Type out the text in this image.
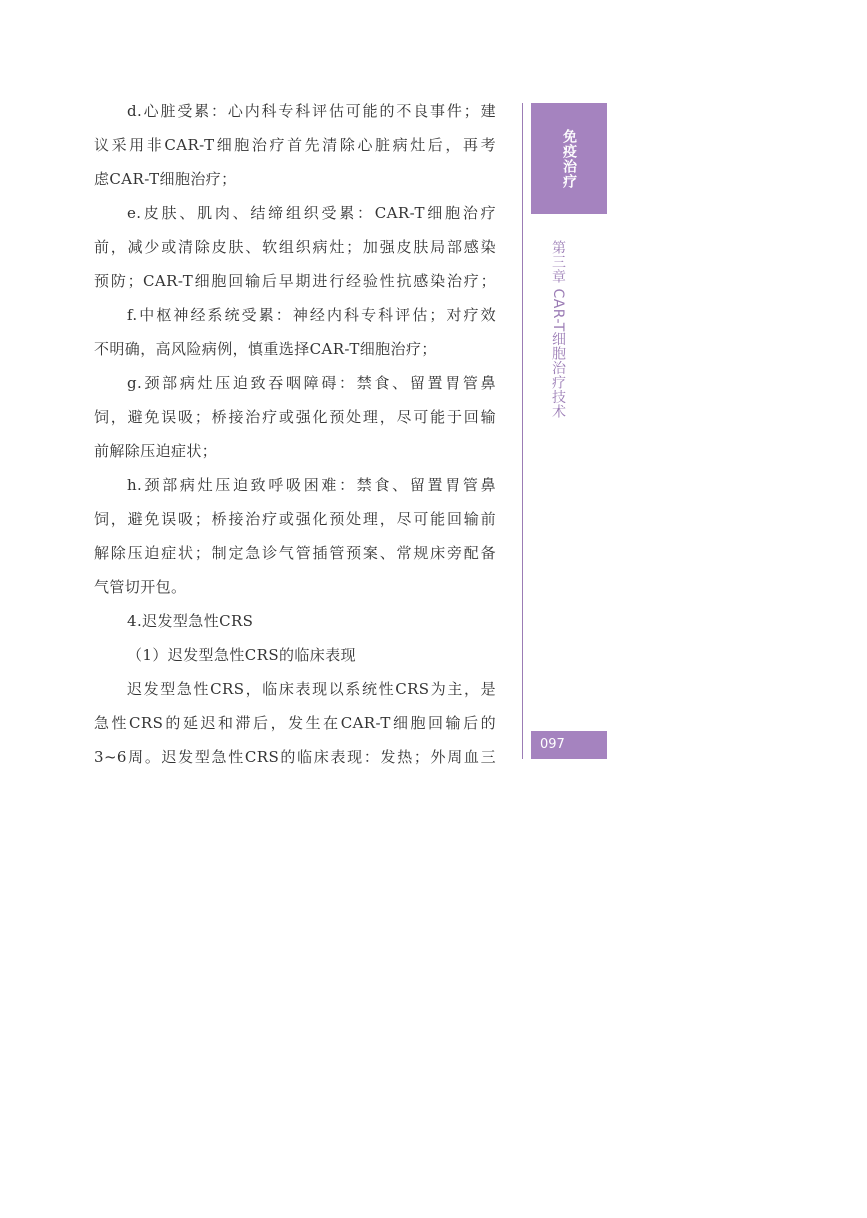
d.心脏受累：心内科专科评估可能的不良事件；建
议采用非CAR-T细胞治疗首先清除心脏病灶后，再考
虑CAR-T细胞治疗；
e.皮肤、肌肉、结缔组织受累：CAR-T细胞治疗
前，减少或清除皮肤、软组织病灶；加强皮肤局部感染
预防；CAR-T细胞回输后早期进行经验性抗感染治疗；
f.中枢神经系统受累：神经内科专科评估；对疗效
不明确，高风险病例，慎重选择CAR-T细胞治疗；
g.颈部病灶压迫致吞咽障碍：禁食、留置胃管鼻
饲，避免误吸；桥接治疗或强化预处理，尽可能于回输
前解除压迫症状；
h.颈部病灶压迫致呼吸困难：禁食、留置胃管鼻
饲，避免误吸；桥接治疗或强化预处理，尽可能回输前
解除压迫症状；制定急诊气管插管预案、常规床旁配备
气管切开包。
4.迟发型急性CRS
（1）迟发型急性CRS的临床表现
迟发型急性CRS，临床表现以系统性CRS为主，是
急性CRS的延迟和滞后，发生在CAR-T细胞回输后的
3~6周。迟发型急性CRS的临床表现：发热；外周血三
免疫治疗
第三章 CAR-T细胞治疗技术
097
